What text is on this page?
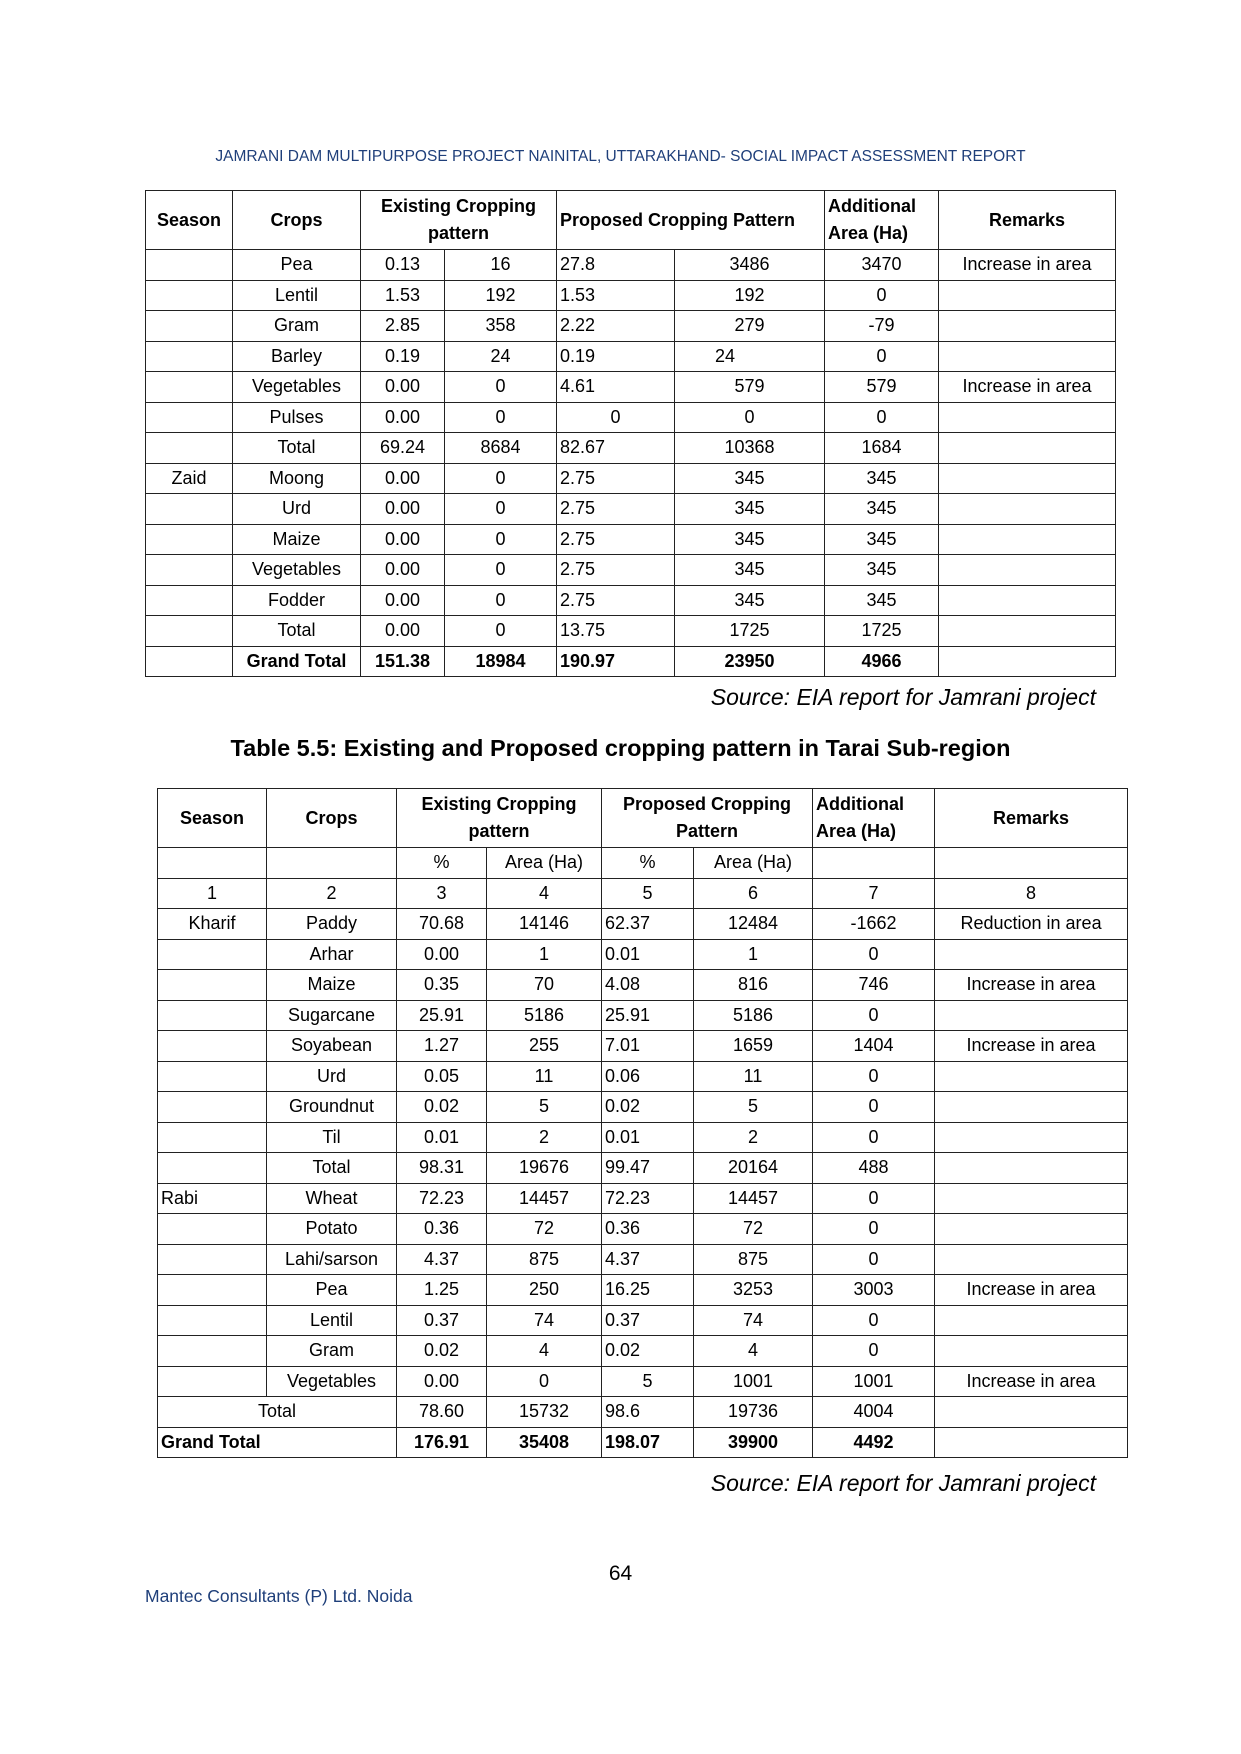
JAMRANI DAM MULTIPURPOSE PROJECT NAINITAL, UTTARAKHAND- SOCIAL IMPACT ASSESSMENT REPORT
Season	Crops	Existing Cropping pattern		Proposed Cropping Pattern		Additional Area (Ha)	Remarks
	Pea	0.13	16	27.8	3486	3470	Increase in area
	Lentil	1.53	192	1.53	192	0	
	Gram	2.85	358	2.22	279	-79	
	Barley	0.19	24	0.19	24	0	
	Vegetables	0.00	0	4.61	579	579	Increase in area
	Pulses	0.00	0	0	0	0	
	Total	69.24	8684	82.67	10368	1684	
Zaid	Moong	0.00	0	2.75	345	345	
	Urd	0.00	0	2.75	345	345	
	Maize	0.00	0	2.75	345	345	
	Vegetables	0.00	0	2.75	345	345	
	Fodder	0.00	0	2.75	345	345	
	Total	0.00	0	13.75	1725	1725	
	Grand Total	151.38	18984	190.97	23950	4966	
Source: EIA report for Jamrani project
Table 5.5: Existing and Proposed cropping pattern in Tarai Sub-region
Season	Crops	Existing Cropping pattern		Proposed Cropping Pattern		Additional Area (Ha)	Remarks
		%	Area (Ha)	%	Area (Ha)		
1	2	3	4	5	6	7	8
Kharif	Paddy	70.68	14146	62.37	12484	-1662	Reduction in area
	Arhar	0.00	1	0.01	1	0	
	Maize	0.35	70	4.08	816	746	Increase in area
	Sugarcane	25.91	5186	25.91	5186	0	
	Soyabean	1.27	255	7.01	1659	1404	Increase in area
	Urd	0.05	11	0.06	11	0	
	Groundnut	0.02	5	0.02	5	0	
	Til	0.01	2	0.01	2	0	
	Total	98.31	19676	99.47	20164	488	
Rabi	Wheat	72.23	14457	72.23	14457	0	
	Potato	0.36	72	0.36	72	0	
	Lahi/sarson	4.37	875	4.37	875	0	
	Pea	1.25	250	16.25	3253	3003	Increase in area
	Lentil	0.37	74	0.37	74	0	
	Gram	0.02	4	0.02	4	0	
	Vegetables	0.00	0	5	1001	1001	Increase in area
Total		78.60	15732	98.6	19736	4004	
Grand Total		176.91	35408	198.07	39900	4492	
Source: EIA report for Jamrani project
64
Mantec Consultants (P) Ltd. Noida
